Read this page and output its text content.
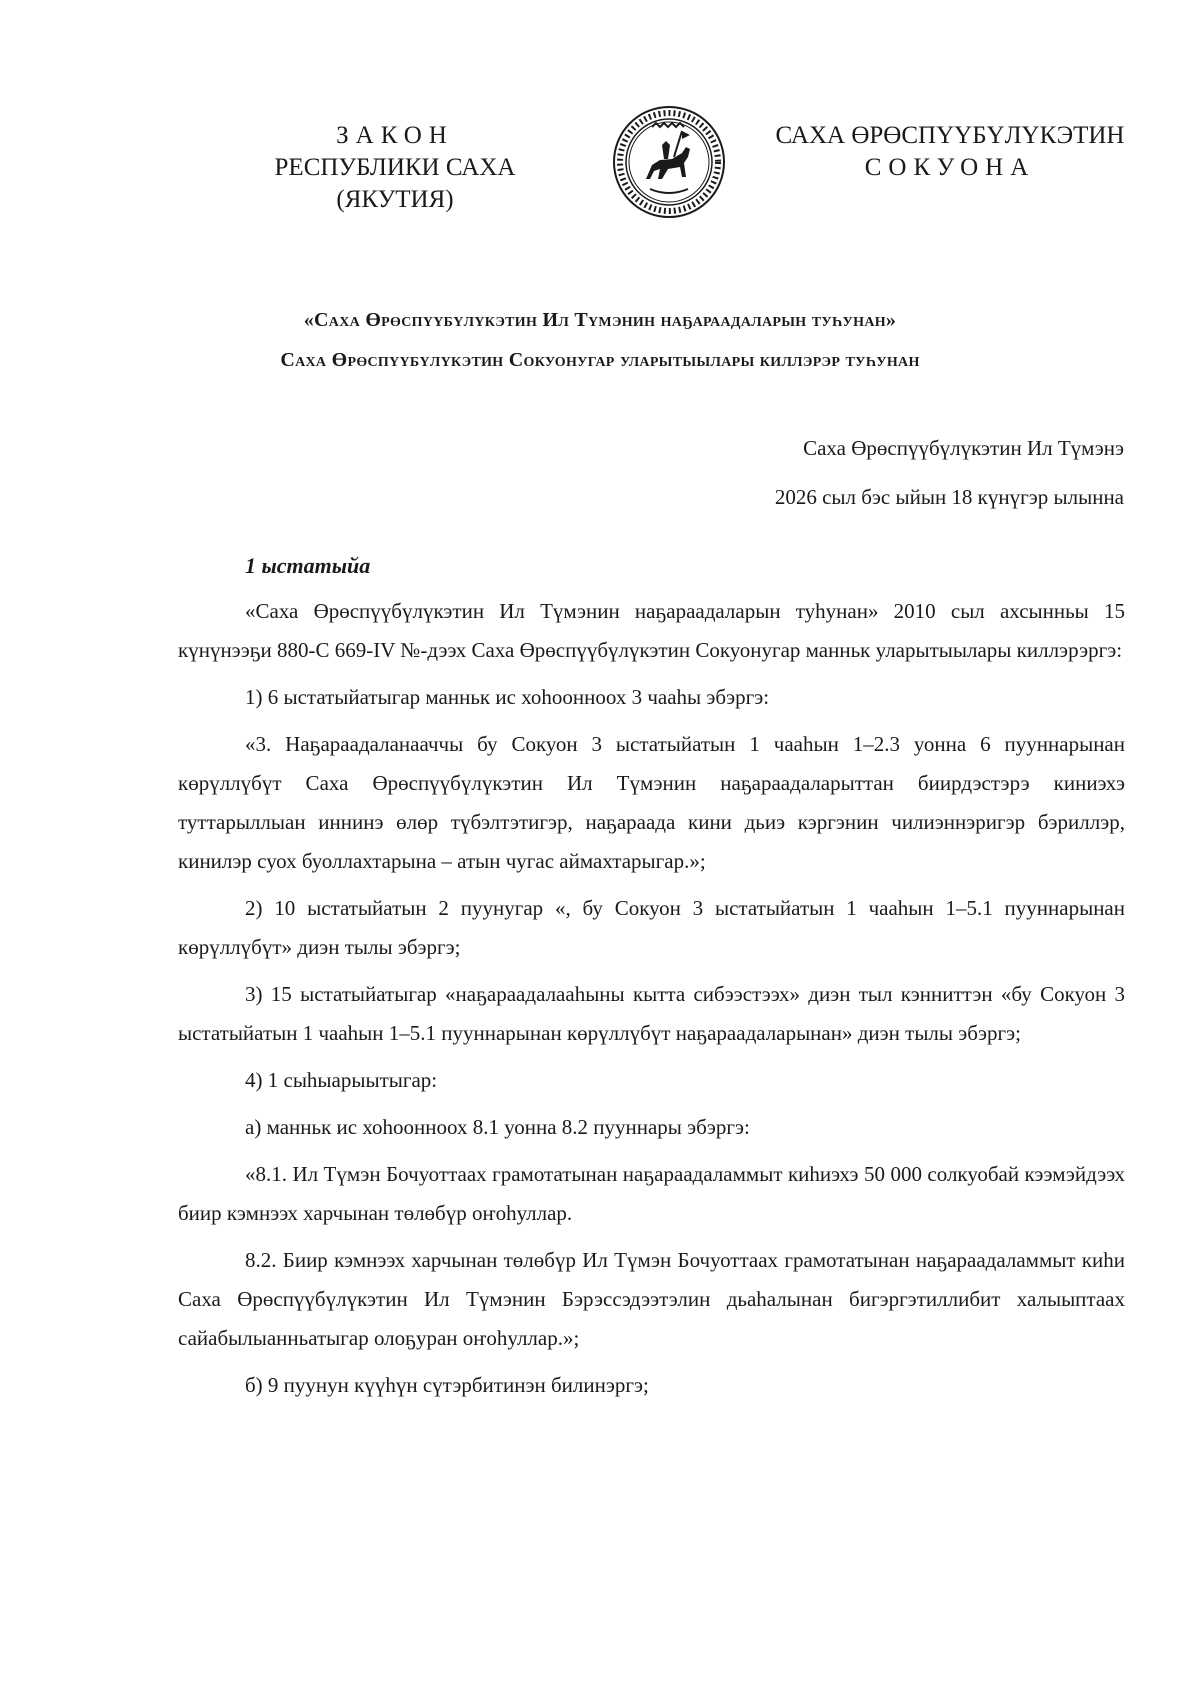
ЗАКОН
РЕСПУБЛИКИ САХА (ЯКУТИЯ)
САХА ӨРӨСПҮҮБҮЛҮКЭТИН
СОКУОНА
«Саха Өрөспүүбүлүкэтин Ил Түмэнин наҕараадаларын туһунан»
Саха Өрөспүүбүлүкэтин Сокуонугар уларытыылары киллэрэр туһунан
Саха Өрөспүүбүлүкэтин Ил Түмэнэ
2026 сыл бэс ыйын 18 күнүгэр ылынна
1 ыстатыйа

«Саха Өрөспүүбүлүкэтин Ил Түмэнин наҕараадаларын туһунан» 2010 сыл ахсынньы 15 күнүнээҕи 880-С 669-IV №-дээх Саха Өрөспүүбүлүкэтин Сокуонугар манньк уларытыылары киллэрэргэ:

1) 6 ыстатыйатыгар манньк ис хоһоонноох 3 чааһы эбэргэ:

«3. Наҕараадаланааччы бу Сокуон 3 ыстатыйатын 1 чааһын 1–2.3 уонна 6 пууннарынан көрүллүбүт Саха Өрөспүүбүлүкэтин Ил Түмэнин наҕараадаларыттан биирдэстэрэ киниэхэ туттарыллыан иннинэ өлөр түбэлтэтигэр, наҕараада кини дьиэ кэргэнин чилиэннэригэр бэриллэр, кинилэр суох буоллахтарына – атын чугас аймахтарыгар.»;

2) 10 ыстатыйатын 2 пуунугар «, бу Сокуон 3 ыстатыйатын 1 чааһын 1–5.1 пууннарынан көрүллүбүт» диэн тылы эбэргэ;

3) 15 ыстатыйатыгар «наҕараадалааһыны кытта сибээстээх» диэн тыл кэнниттэн «бу Сокуон 3 ыстатыйатын 1 чааһын 1–5.1 пууннарынан көрүллүбүт наҕараадаларынан» диэн тылы эбэргэ;

4) 1 сыһыарыытыгар:

а) манньк ис хоһоонноох 8.1 уонна 8.2 пууннары эбэргэ:

«8.1. Ил Түмэн Бочуоттаах грамотатынан наҕараадаламмыт киһиэхэ 50 000 солкуобай кээмэйдээх биир кэмнээх харчынан төлөбүр оҥоһуллар.

8.2. Биир кэмнээх харчынан төлөбүр Ил Түмэн Бочуоттаах грамотатынан наҕараадаламмыт киһи Саха Өрөспүүбүлүкэтин Ил Түмэнин Бэрэссэдээтэлин дьаһалынан бигэргэтиллибит халыыптаах сайабылыанньатыгар олоҕуран оҥоһуллар.»;

б) 9 пуунун күүһүн сүтэрбитинэн билинэргэ;
